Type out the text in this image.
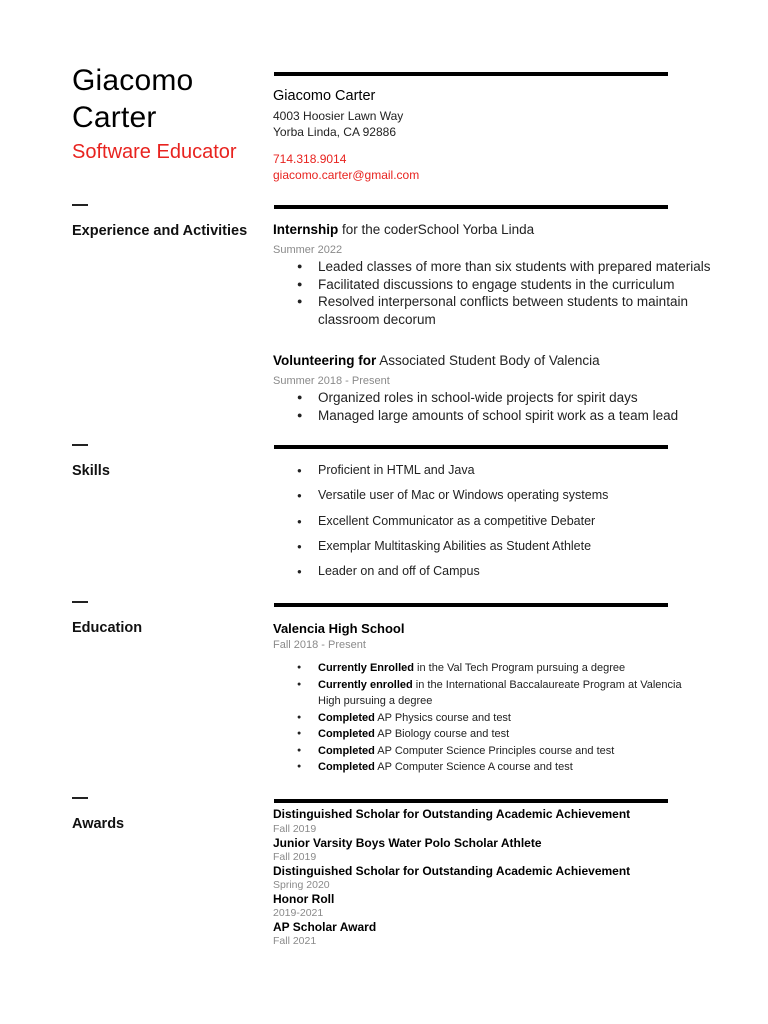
Giacomo
Carter
Software Educator
Experience and Activities
Skills
Education
Awards
Giacomo Carter
4003 Hoosier Lawn Way
Yorba Linda, CA 92886
714.318.9014
giacomo.carter@gmail.com
Internship for the coderSchool Yorba Linda
Summer 2022
● Leaded classes of more than six students with prepared materials
● Facilitated discussions to engage students in the curriculum
● Resolved interpersonal conflicts between students to maintain classroom decorum
Volunteering for Associated Student Body of Valencia
Summer 2018 - Present
● Organized roles in school-wide projects for spirit days
● Managed large amounts of school spirit work as a team lead
● Proficient in HTML and Java
● Versatile user of Mac or Windows operating systems
● Excellent Communicator as a competitive Debater
● Exemplar Multitasking Abilities as Student Athlete
● Leader on and off of Campus
Valencia High School
Fall 2018 - Present
● Currently Enrolled in the Val Tech Program pursuing a degree
● Currently enrolled in the International Baccalaureate Program at Valencia High pursuing a degree
● Completed AP Physics course and test
● Completed AP Biology course and test
● Completed AP Computer Science Principles course and test
● Completed AP Computer Science A course and test
Distinguished Scholar for Outstanding Academic Achievement
Fall 2019
Junior Varsity Boys Water Polo Scholar Athlete
Fall 2019
Distinguished Scholar for Outstanding Academic Achievement
Spring 2020
Honor Roll
2019-2021
AP Scholar Award
Fall 2021
